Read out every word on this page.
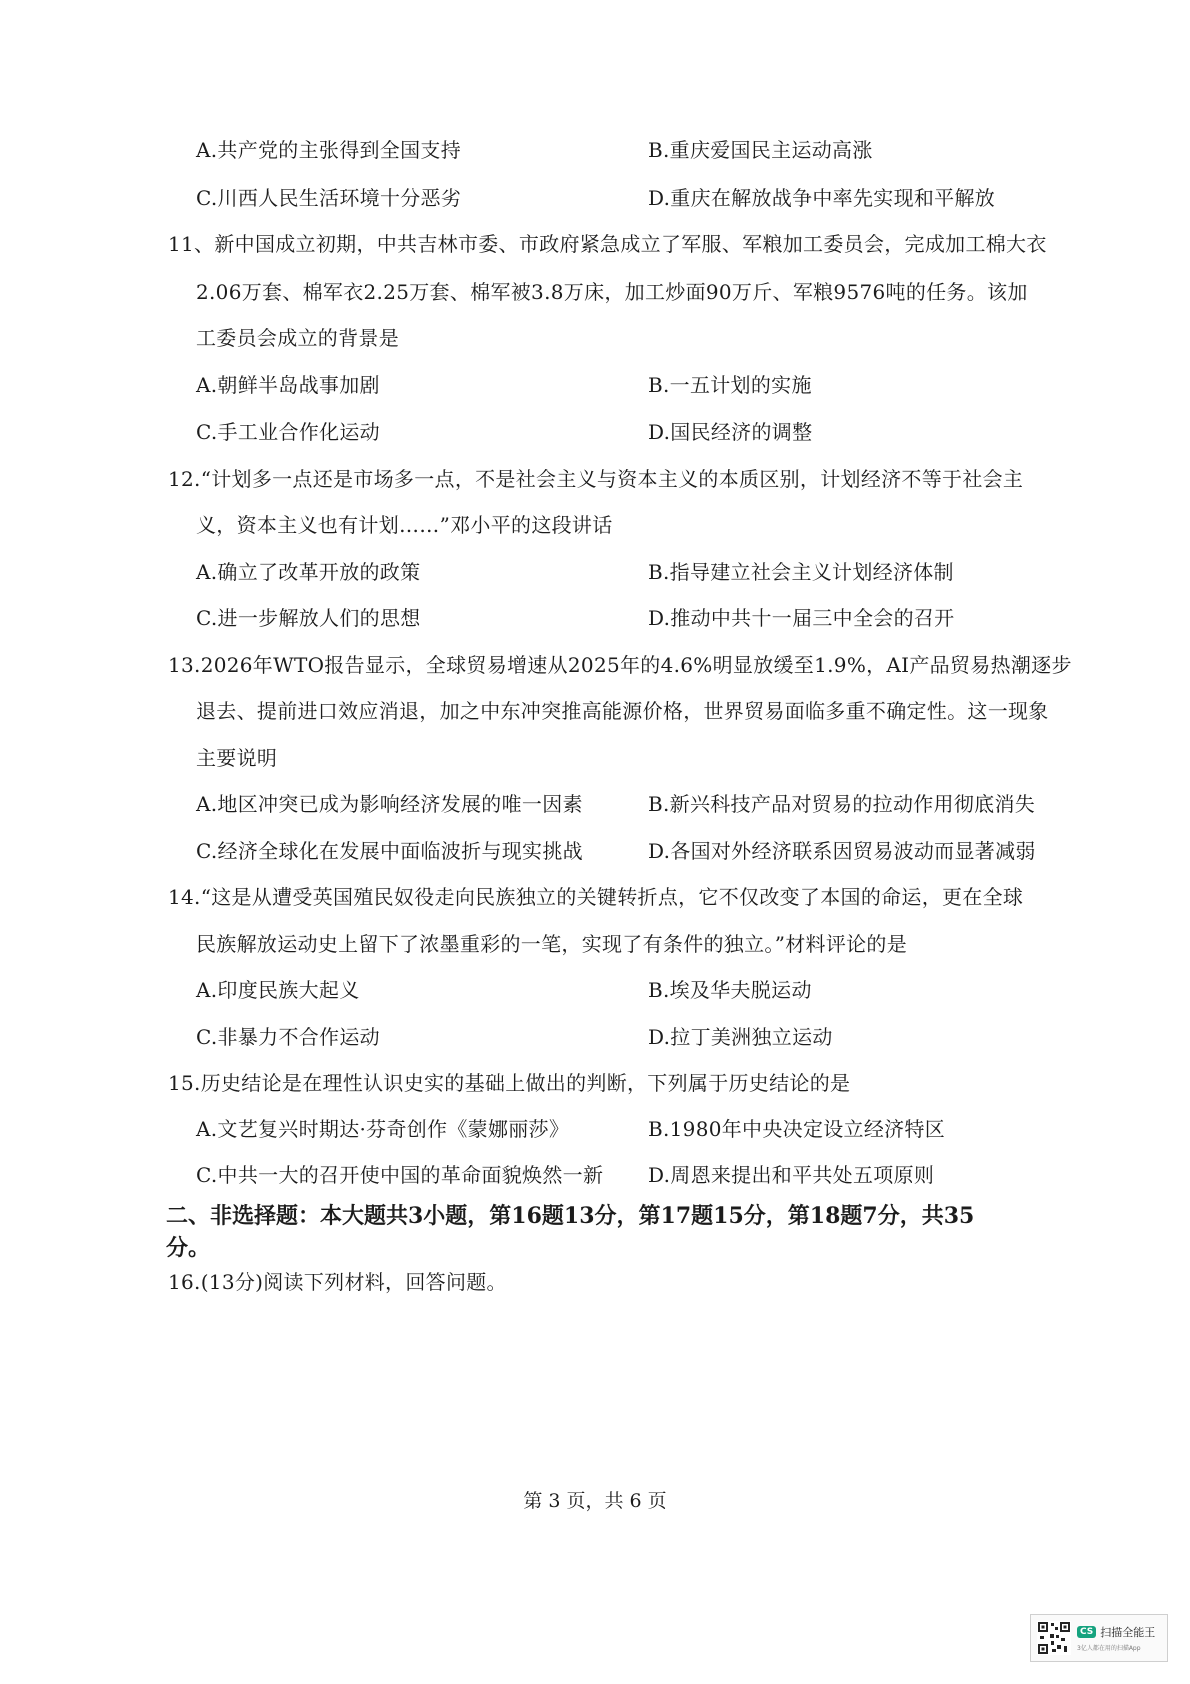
A.共产党的主张得到全国支持	B.重庆爱国民主运动高涨
C.川西人民生活环境十分恶劣	D.重庆在解放战争中率先实现和平解放
11、新中国成立初期，中共吉林市委、市政府紧急成立了军服、军粮加工委员会，完成加工棉大衣
2.06万套、棉军衣2.25万套、棉军被3.8万床，加工炒面90万斤、军粮9576吨的任务。该加
工委员会成立的背景是
A.朝鲜半岛战事加剧	B.一五计划的实施
C.手工业合作化运动	D.国民经济的调整
12.“计划多一点还是市场多一点，不是社会主义与资本主义的本质区别，计划经济不等于社会主
义，资本主义也有计划……”邓小平的这段讲话
A.确立了改革开放的政策	B.指导建立社会主义计划经济体制
C.进一步解放人们的思想	D.推动中共十一届三中全会的召开
13.2026年WTO报告显示，全球贸易增速从2025年的4.6%明显放缓至1.9%，AI产品贸易热潮逐步
退去、提前进口效应消退，加之中东冲突推高能源价格，世界贸易面临多重不确定性。这一现象
主要说明
A.地区冲突已成为影响经济发展的唯一因素	B.新兴科技产品对贸易的拉动作用彻底消失
C.经济全球化在发展中面临波折与现实挑战	D.各国对外经济联系因贸易波动而显著减弱
14.“这是从遭受英国殖民奴役走向民族独立的关键转折点，它不仅改变了本国的命运，更在全球
民族解放运动史上留下了浓墨重彩的一笔，实现了有条件的独立。”材料评论的是
A.印度民族大起义	B.埃及华夫脱运动
C.非暴力不合作运动	D.拉丁美洲独立运动
15.历史结论是在理性认识史实的基础上做出的判断，下列属于历史结论的是
A.文艺复兴时期达·芬奇创作《蒙娜丽莎》	B.1980年中央决定设立经济特区
C.中共一大的召开使中国的革命面貌焕然一新 D.周恩来提出和平共处五项原则
二、非选择题：本大题共3小题，第16题13分，第17题15分，第18题7分，共35
分。
16.(13分)阅读下列材料，回答问题。
第 3 页，共 6 页
CS 扫描全能王
3亿人都在用的扫描App
